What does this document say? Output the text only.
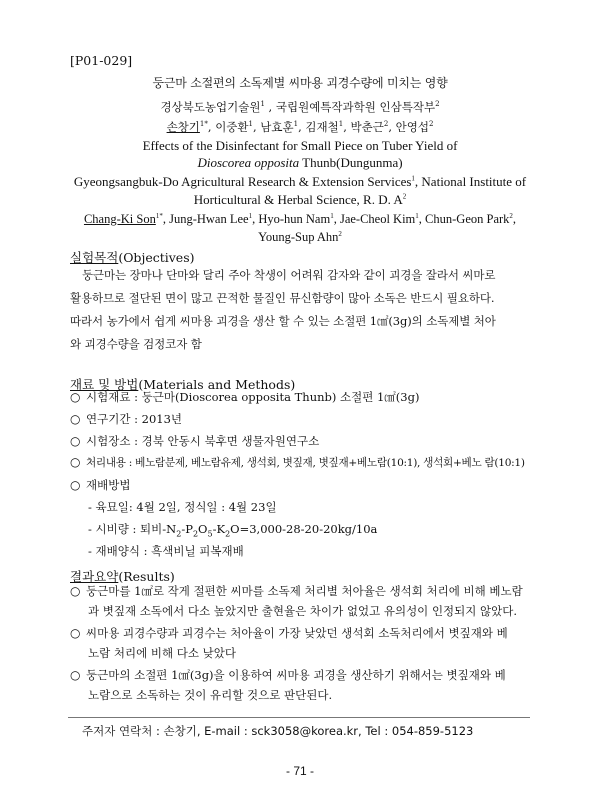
[P01-029]
둥근마 소절편의 소독제별 씨마용 괴경수량에 미치는 영향
경상북도농업기술원$^1$ , 국립원예특작과학원 인삼특작부$^2$
손창기$^{1*}$, 이중환$^1$, 남효훈$^1$, 김재철$^1$, 박춘근$^2$, 안영섭$^2$
Effects of the Disinfectant for Small Piece on Tuber Yield of
Dioscorea opposita Thunb(Dungunma)
Gyeongsangbuk-Do Agricultural Research & Extension Services$^1$, National Institute of
Horticultural & Herbal Science, R. D. $A^2$
Chang-Ki Son$^{1*}$, Jung-Hwan Lee$^1$, Hyo-hun Nam$^1$, Jae-Cheol Kim$^1$, Chun-Geon Park$^2$,
Young-Sup Ahn$^2$
실험목적(Objectives)
둥근마는 장마나 단마와 달리 주아 착생이 어려워 감자와 같이 괴경을 잘라서 씨마로
활용하므로 절단된 면이 많고 끈적한 물질인 뮤신함량이 많아 소독은 반드시 필요하다.
따라서 농가에서 쉽게 씨마용 괴경을 생산 할 수 있는 소절편 1㎠(3g)의 소독제별 처아
와 괴경수량을 검정코자 함
재료 및 방법(Materials and Methods)
○ 시험재료 : 둥근마(Dioscorea opposita Thunb) 소절편 1㎠(3g)
○ 연구기간 : 2013년
○ 시험장소 : 경북 안동시 북후면 생물자원연구소
○ 처리내용 : 베노람분제, 베노람유제, 생석회, 볏짚재, 볏짚재+베노람(10:1), 생석회+베노 람(10:1)
○ 재배방법
- 육묘일: 4월 2일, 정식일 : 4월 23일
- 시비량 : 퇴비$-N_2-P_2O_5-K_2O=3,000-28-20-20kg/10a$
- 재배양식 : 흑색비닐 피복재배
결과요약(Results)
○ 둥근마를 1㎠로 작게 절편한 씨마를 소독제 처리별 처아율은 생석회 처리에 비해 베노람
과 볏짚재 소독에서 다소 높았지만 출현율은 차이가 없었고 유의성이 인정되지 않았다.
○ 씨마용 괴경수량과 괴경수는 처아율이 가장 낮았던 생석회 소독처리에서 볏짚재와 베
노람 처리에 비해 다소 낮았다
○ 둥근마의 소절편 1㎠(3g)을 이용하여 씨마용 괴경을 생산하기 위해서는 볏짚재와 베
노람으로 소독하는 것이 유리할 것으로 판단된다.
주저자 연락처 : 손창기, E-mail : sck3058@korea.kr, Tel : 054-859-5123
- 71 -
